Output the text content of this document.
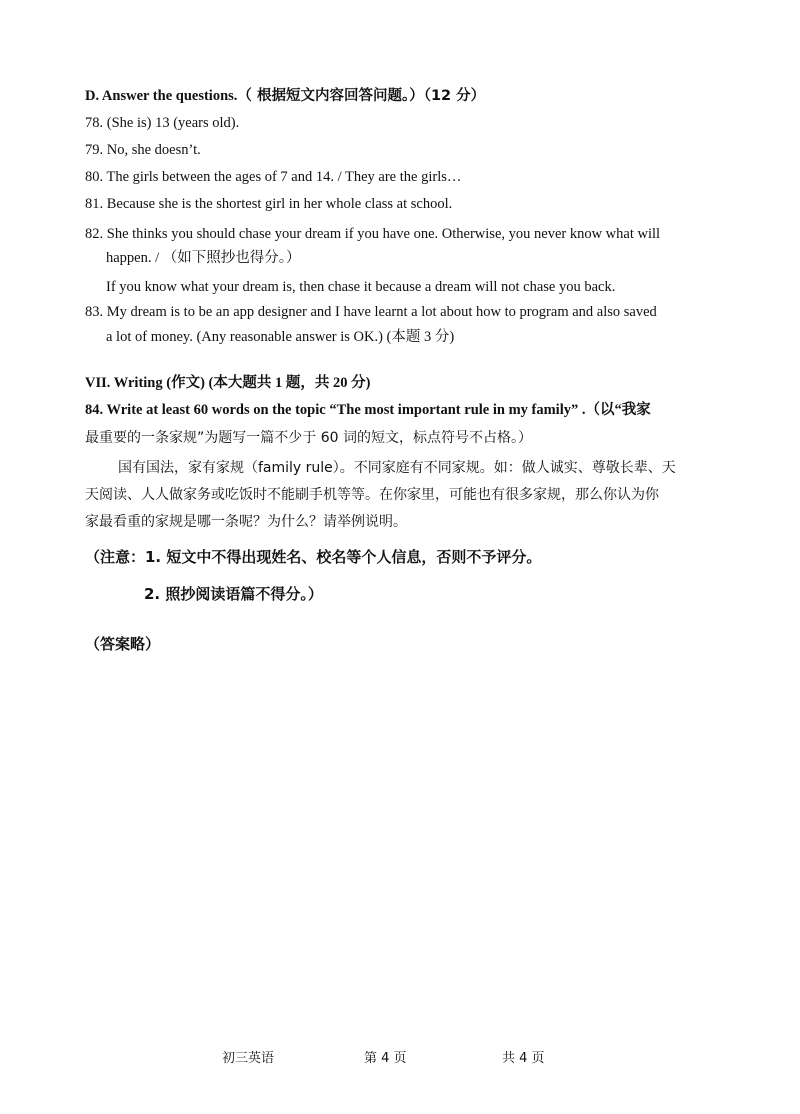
D. Answer the questions.（ 根据短文内容回答问题。）（12 分）
78. (She is) 13 (years old).
79. No, she doesn’t.
80. The girls between the ages of 7 and 14. / They are the girls…
81. Because she is the shortest girl in her whole class at school.
82. She thinks you should chase your dream if you have one. Otherwise, you never know what will
happen. / （如下照抄也得分。）
If you know what your dream is, then chase it because a dream will not chase you back.
83. My dream is to be an app designer and I have learnt a lot about how to program and also saved
a lot of money. (Any reasonable answer is OK.) (本题 3 分)
VII. Writing (作文) (本大题共 1 题，共 20 分)
84. Write at least 60 words on the topic “The most important rule in my family” .（以“我家
最重要的一条家规”为题写一篇不少于 60 词的短文，标点符号不占格。）
国有国法，家有家规（family rule）。不同家庭有不同家规。如：做人诚实、尊敬长辈、天
天阅读、人人做家务或吃饭时不能刷手机等等。在你家里，可能也有很多家规，那么你认为你
家最看重的家规是哪一条呢？为什么？请举例说明。
（注意：1. 短文中不得出现姓名、校名等个人信息，否则不予评分。
2. 照抄阅读语篇不得分。）
（答案略）
初三英语	第 4 页	共 4 页
